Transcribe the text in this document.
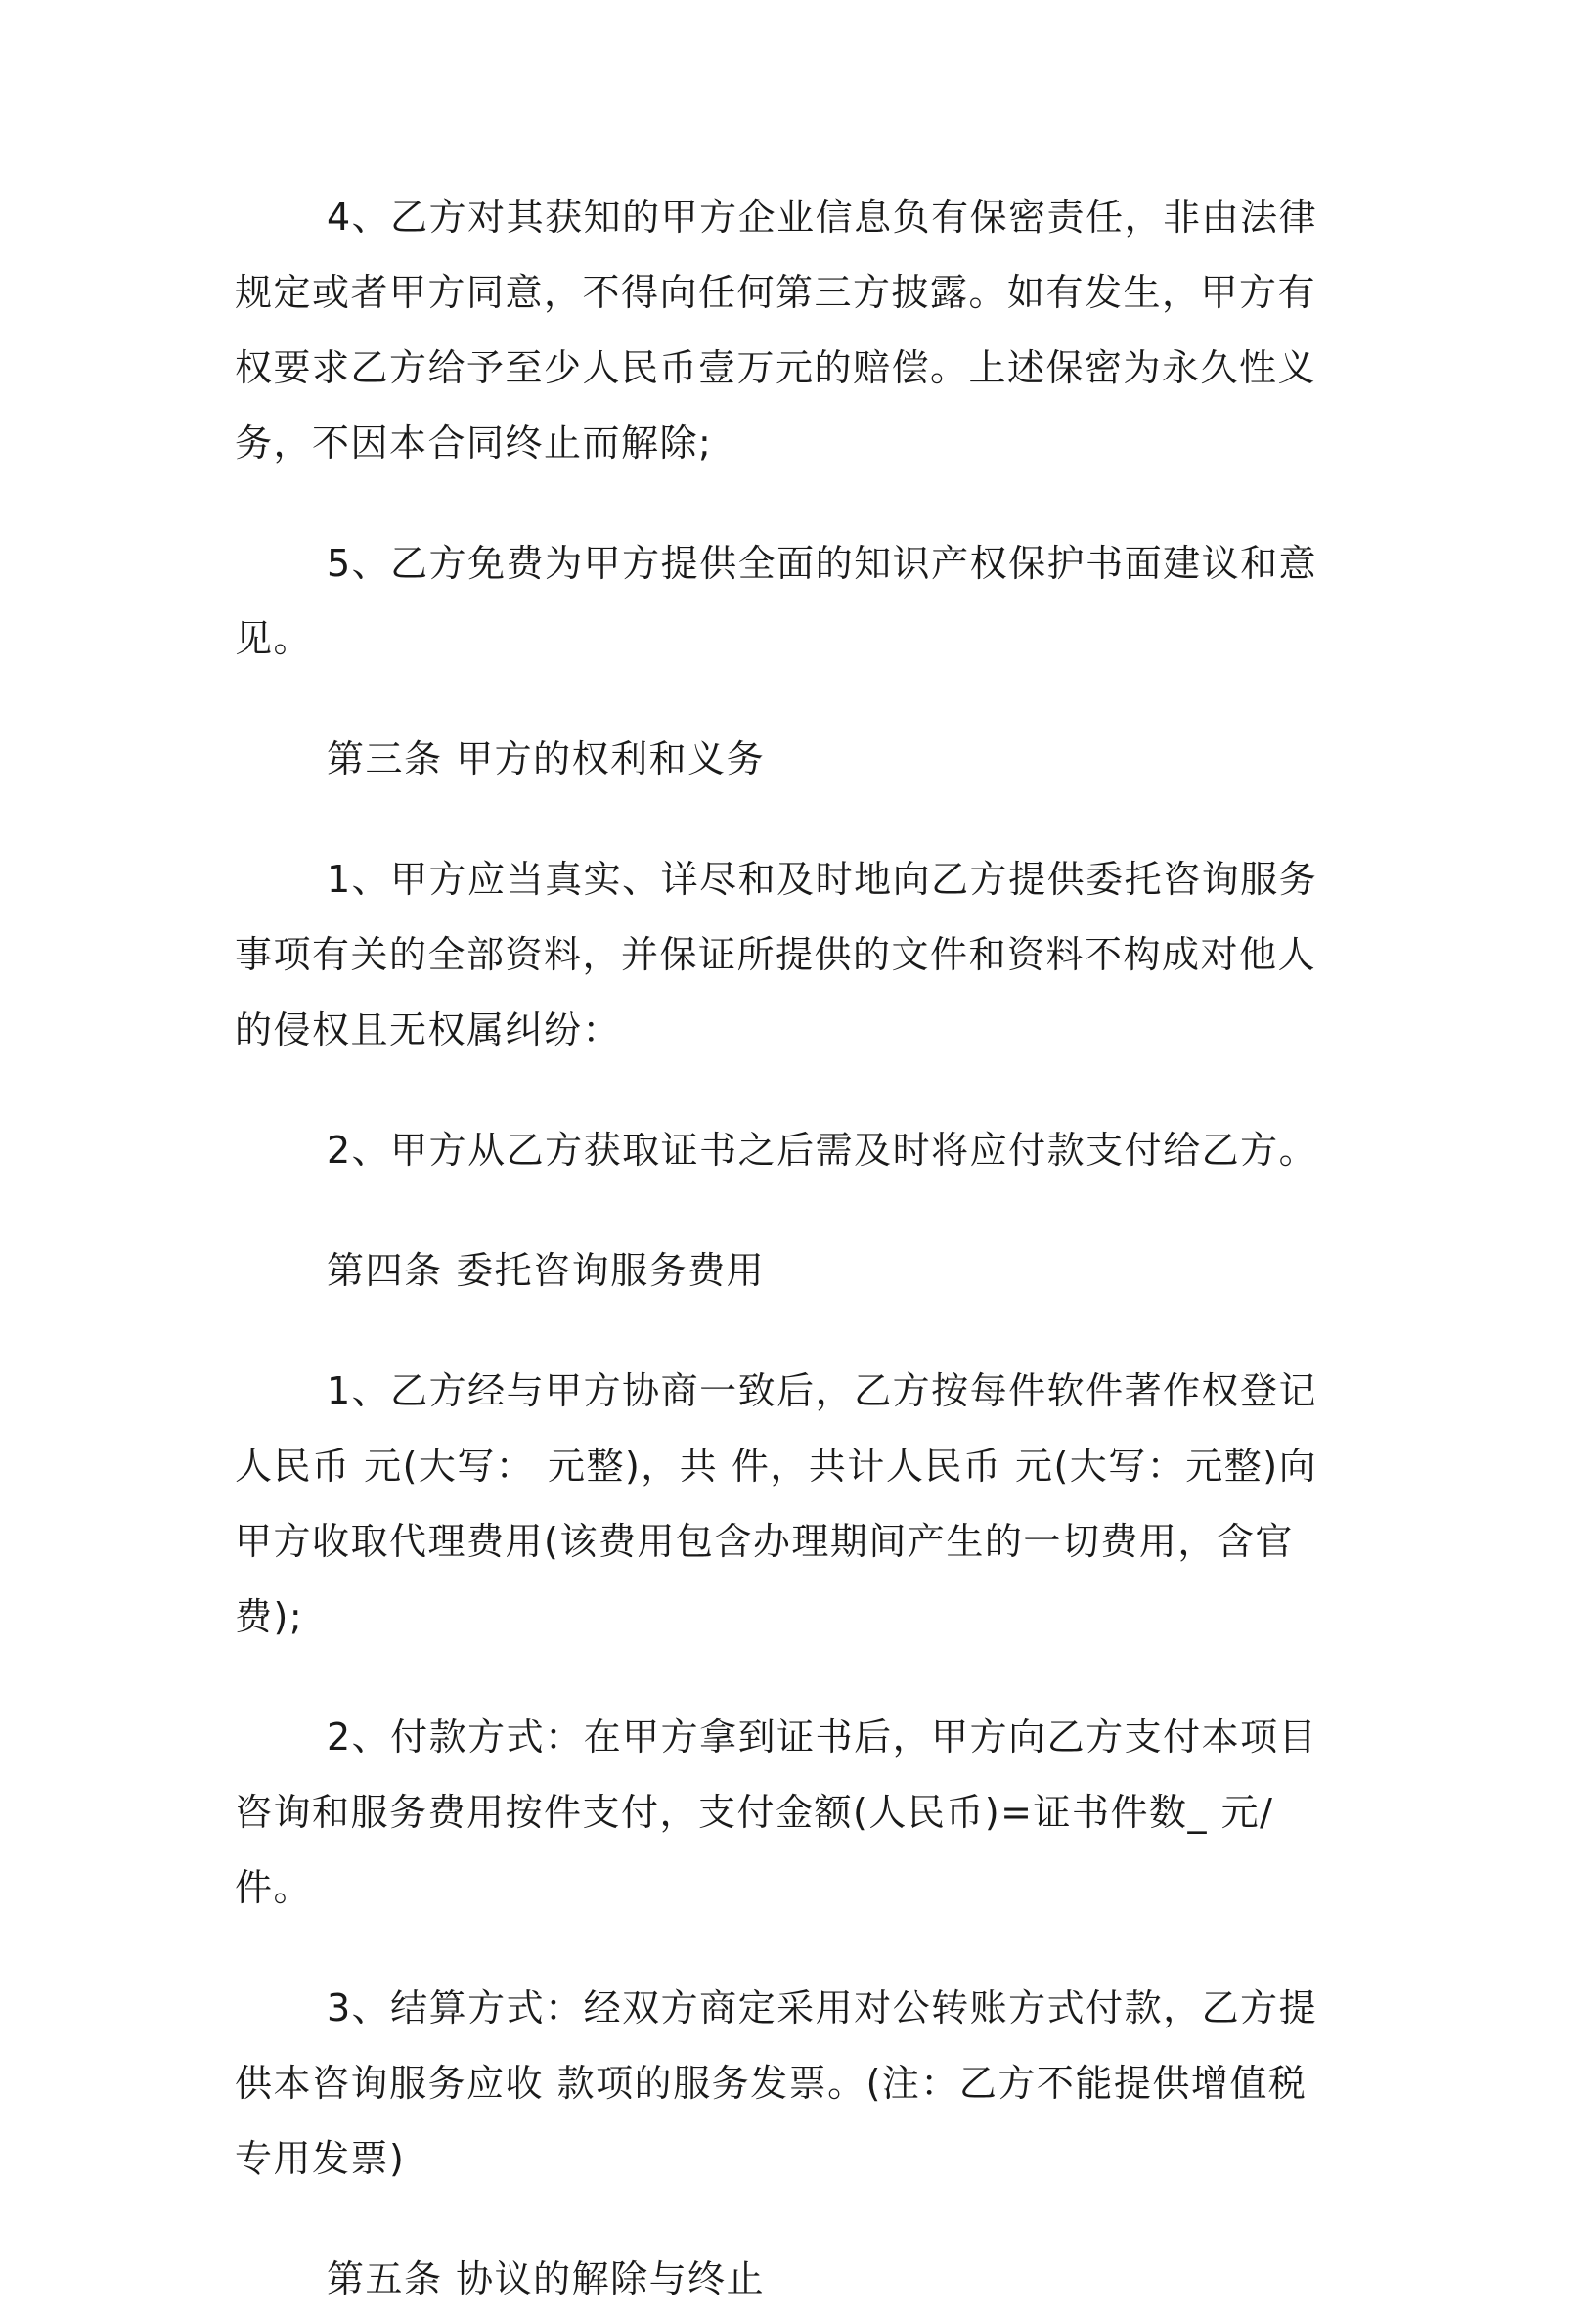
4、乙方对其获知的甲方企业信息负有保密责任，非由法律规定或者甲方同意，不得向任何第三方披露。如有发生，甲方有权要求乙方给予至少人民币壹万元的赔偿。上述保密为永久性义务，不因本合同终止而解除;

5、乙方免费为甲方提供全面的知识产权保护书面建议和意见。

第三条 甲方的权利和义务

1、甲方应当真实、详尽和及时地向乙方提供委托咨询服务事项有关的全部资料，并保证所提供的文件和资料不构成对他人的侵权且无权属纠纷：

2、甲方从乙方获取证书之后需及时将应付款支付给乙方。

第四条 委托咨询服务费用

1、乙方经与甲方协商一致后，乙方按每件软件著作权登记人民币 元(大写： 元整)，共 件，共计人民币 元(大写：元整)向甲方收取代理费用(该费用包含办理期间产生的一切费用，含官费);

2、付款方式：在甲方拿到证书后，甲方向乙方支付本项目咨询和服务费用按件支付，支付金额(人民币)=证书件数_ 元/件。

3、结算方式：经双方商定采用对公转账方式付款，乙方提供本咨询服务应收 款项的服务发票。(注：乙方不能提供增值税专用发票)

第五条 协议的解除与终止
